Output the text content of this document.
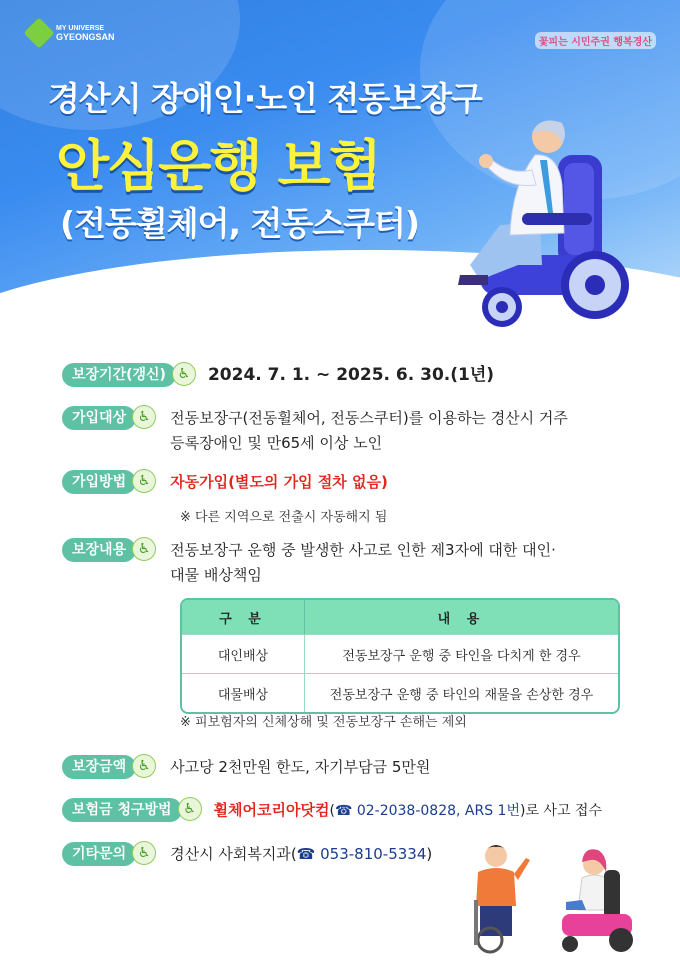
MY UNIVERSE
GYEONGSAN	꽃피는 시민주권 행복경산
경산시 장애인·노인 전동보장구
안심운행 보험
(전동휠체어, 전동스쿠터)
보장기간(갱신) ♿	2024. 7. 1. ~ 2025. 6. 30.(1년)
가입대상 ♿	전동보장구(전동휠체어, 전동스쿠터)를 이용하는 경산시 거주
등록장애인 및 만65세 이상 노인
가입방법 ♿	자동가입(별도의 가입 절차 없음)
※ 다른 지역으로 전출시 자동해지 됨
보장내용 ♿	전동보장구 운행 중 발생한 사고로 인한 제3자에 대한 대인·
대물 배상책임
구 분	내 용
대인배상	전동보장구 운행 중 타인을 다치게 한 경우
대물배상	전동보장구 운행 중 타인의 재물을 손상한 경우
※ 피보험자의 신체상해 및 전동보장구 손해는 제외
보장금액 ♿	사고당 2천만원 한도, 자기부담금 5만원
보험금 청구방법 ♿	휠체어코리아닷컴(☎ 02-2038-0828, ARS 1번)로 사고 접수
기타문의 ♿	경산시 사회복지과(☎ 053-810-5334)
